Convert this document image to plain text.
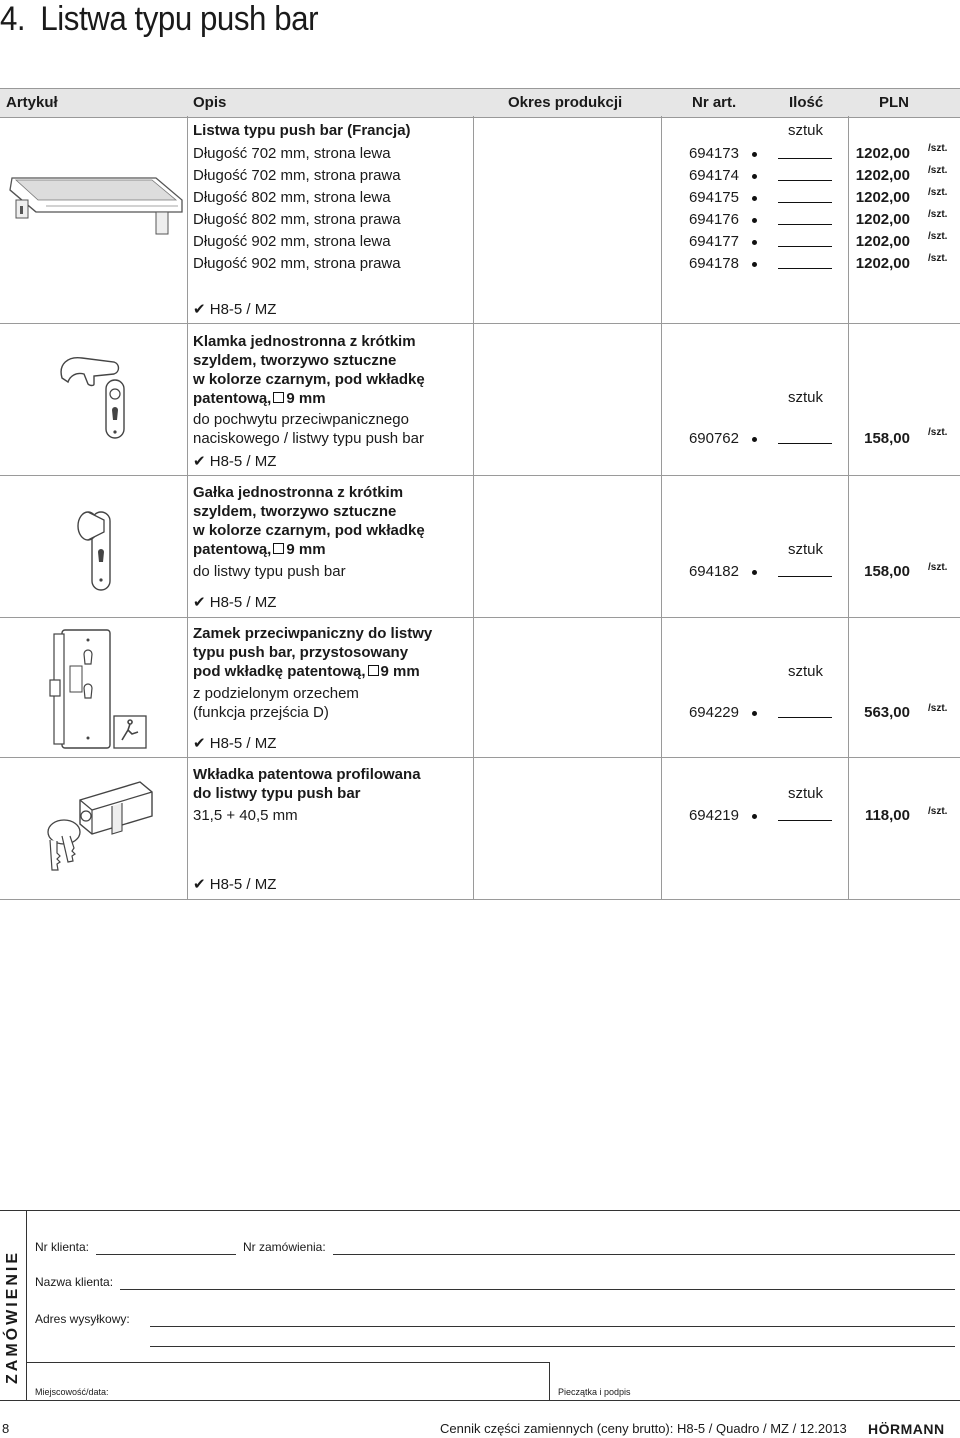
4. Listwa typu push bar
Artykuł	Opis	Okres produkcji	Nr art.	Ilość	PLN
Listwa typu push bar (Francja)	sztuk
Długość 702 mm, strona lewa	694173	1202,00 /szt.
Długość 702 mm, strona prawa	694174	1202,00 /szt.
Długość 802 mm, strona lewa	694175	1202,00 /szt.
Długość 802 mm, strona prawa	694176	1202,00 /szt.
Długość 902 mm, strona lewa	694177	1202,00 /szt.
Długość 902 mm, strona prawa	694178	1202,00 /szt.
✔ H8-5 / MZ
Klamka jednostronna z krótkim
szyldem, tworzywo sztuczne
w kolorze czarnym, pod wkładkę
patentową, 9 mm
do pochwytu przeciwpanicznego
naciskowego / listwy typu push bar
✔ H8-5 / MZ
sztuk
690762	158,00 /szt.
Gałka jednostronna z krótkim
szyldem, tworzywo sztuczne
w kolorze czarnym, pod wkładkę
patentową, 9 mm
do listwy typu push bar
✔ H8-5 / MZ
sztuk
694182	158,00 /szt.
Zamek przeciwpaniczny do listwy
typu push bar, przystosowany
pod wkładkę patentową, 9 mm
z podzielonym orzechem
(funkcja przejścia D)
✔ H8-5 / MZ
sztuk
694229	563,00 /szt.
Wkładka patentowa profilowana
do listwy typu push bar
31,5 + 40,5 mm
✔ H8-5 / MZ
sztuk
694219	118,00 /szt.
ZAMÓWIENIE
Nr klienta:	Nr zamówienia:
Nazwa klienta:
Adres wysyłkowy:
Miejscowość/data:	Pieczątka i podpis
8	Cennik części zamiennych (ceny brutto): H8-5 / Quadro / MZ / 12.2013 HÖRMANN
